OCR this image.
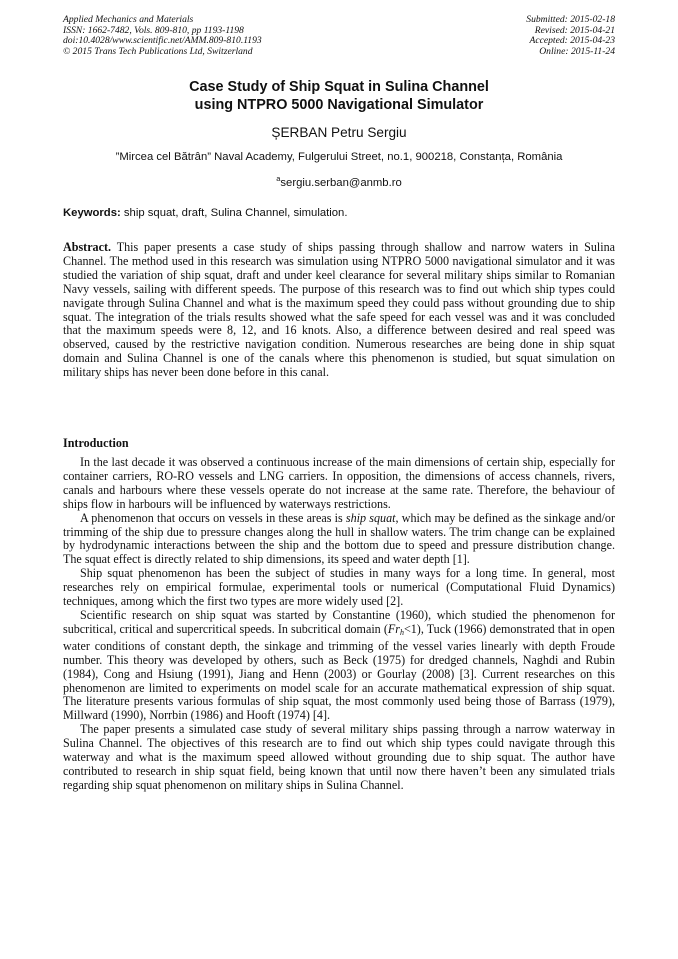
Applied Mechanics and Materials
ISSN: 1662-7482, Vols. 809-810, pp 1193-1198
doi:10.4028/www.scientific.net/AMM.809-810.1193
© 2015 Trans Tech Publications Ltd, Switzerland
Submitted: 2015-02-18
Revised: 2015-04-21
Accepted: 2015-04-23
Online: 2015-11-24
Case Study of Ship Squat in Sulina Channel
using NTPRO 5000 Navigational Simulator
ȘERBAN Petru Sergiu
”Mircea cel Bătrân” Naval Academy, Fulgerului Street, no.1, 900218, Constanța, România
$^a$sergiu.serban@anmb.ro
Keywords: ship squat, draft, Sulina Channel, simulation.

Abstract. This paper presents a case study of ships passing through shallow and narrow waters in Sulina Channel. The method used in this research was simulation using NTPRO 5000 navigational simulator and it was studied the variation of ship squat, draft and under keel clearance for several military ships similar to Romanian Navy vessels, sailing with different speeds. The purpose of this research was to find out which ship types could navigate through Sulina Channel and what is the maximum speed they could pass without grounding due to ship squat. The integration of the trials results showed what the safe speed for each vessel was and it was concluded that the maximum speeds were 8, 12, and 16 knots. Also, a difference between desired and real speed was observed, caused by the restrictive navigation condition. Numerous researches are being done in ship squat domain and Sulina Channel is one of the canals where this phenomenon is studied, but squat simulation on military ships has never been done before in this canal.

Introduction

In the last decade it was observed a continuous increase of the main dimensions of certain ship, especially for container carriers, RO-RO vessels and LNG carriers. In opposition, the dimensions of access channels, rivers, canals and harbours where these vessels operate do not increase at the same rate. Therefore, the behaviour of ships flow in harbours will be influenced by waterways restrictions.

A phenomenon that occurs on vessels in these areas is ship squat, which may be defined as the sinkage and/or trimming of the ship due to pressure changes along the hull in shallow waters. The trim change can be explained by hydrodynamic interactions between the ship and the bottom due to speed and pressure distribution change. The squat effect is directly related to ship dimensions, its speed and water depth [1].

Ship squat phenomenon has been the subject of studies in many ways for a long time. In general, most researches rely on empirical formulae, experimental tools or numerical (Computational Fluid Dynamics) techniques, among which the first two types are more widely used [2].

Scientific research on ship squat was started by Constantine (1960), which studied the phenomenon for subcritical, critical and supercritical speeds. In subcritical domain $(Fr_h<1)$, Tuck (1966) demonstrated that in open water conditions of constant depth, the sinkage and trimming of the vessel varies linearly with depth Froude number. This theory was developed by others, such as Beck (1975) for dredged channels, Naghdi and Rubin (1984), Cong and Hsiung (1991), Jiang and Henn (2003) or Gourlay (2008) [3]. Current researches on this phenomenon are limited to experiments on model scale for an accurate mathematical expression of ship squat. The literature presents various formulas of ship squat, the most commonly used being those of Barrass (1979), Millward (1990), Norrbin (1986) and Hooft (1974) [4].

The paper presents a simulated case study of several military ships passing through a narrow waterway in Sulina Channel. The objectives of this research are to find out which ship types could navigate through this waterway and what is the maximum speed allowed without grounding due to ship squat. The author have contributed to research in ship squat field, being known that until now there haven’t been any simulated trials regarding ship squat phenomenon on military ships in Sulina Channel.
